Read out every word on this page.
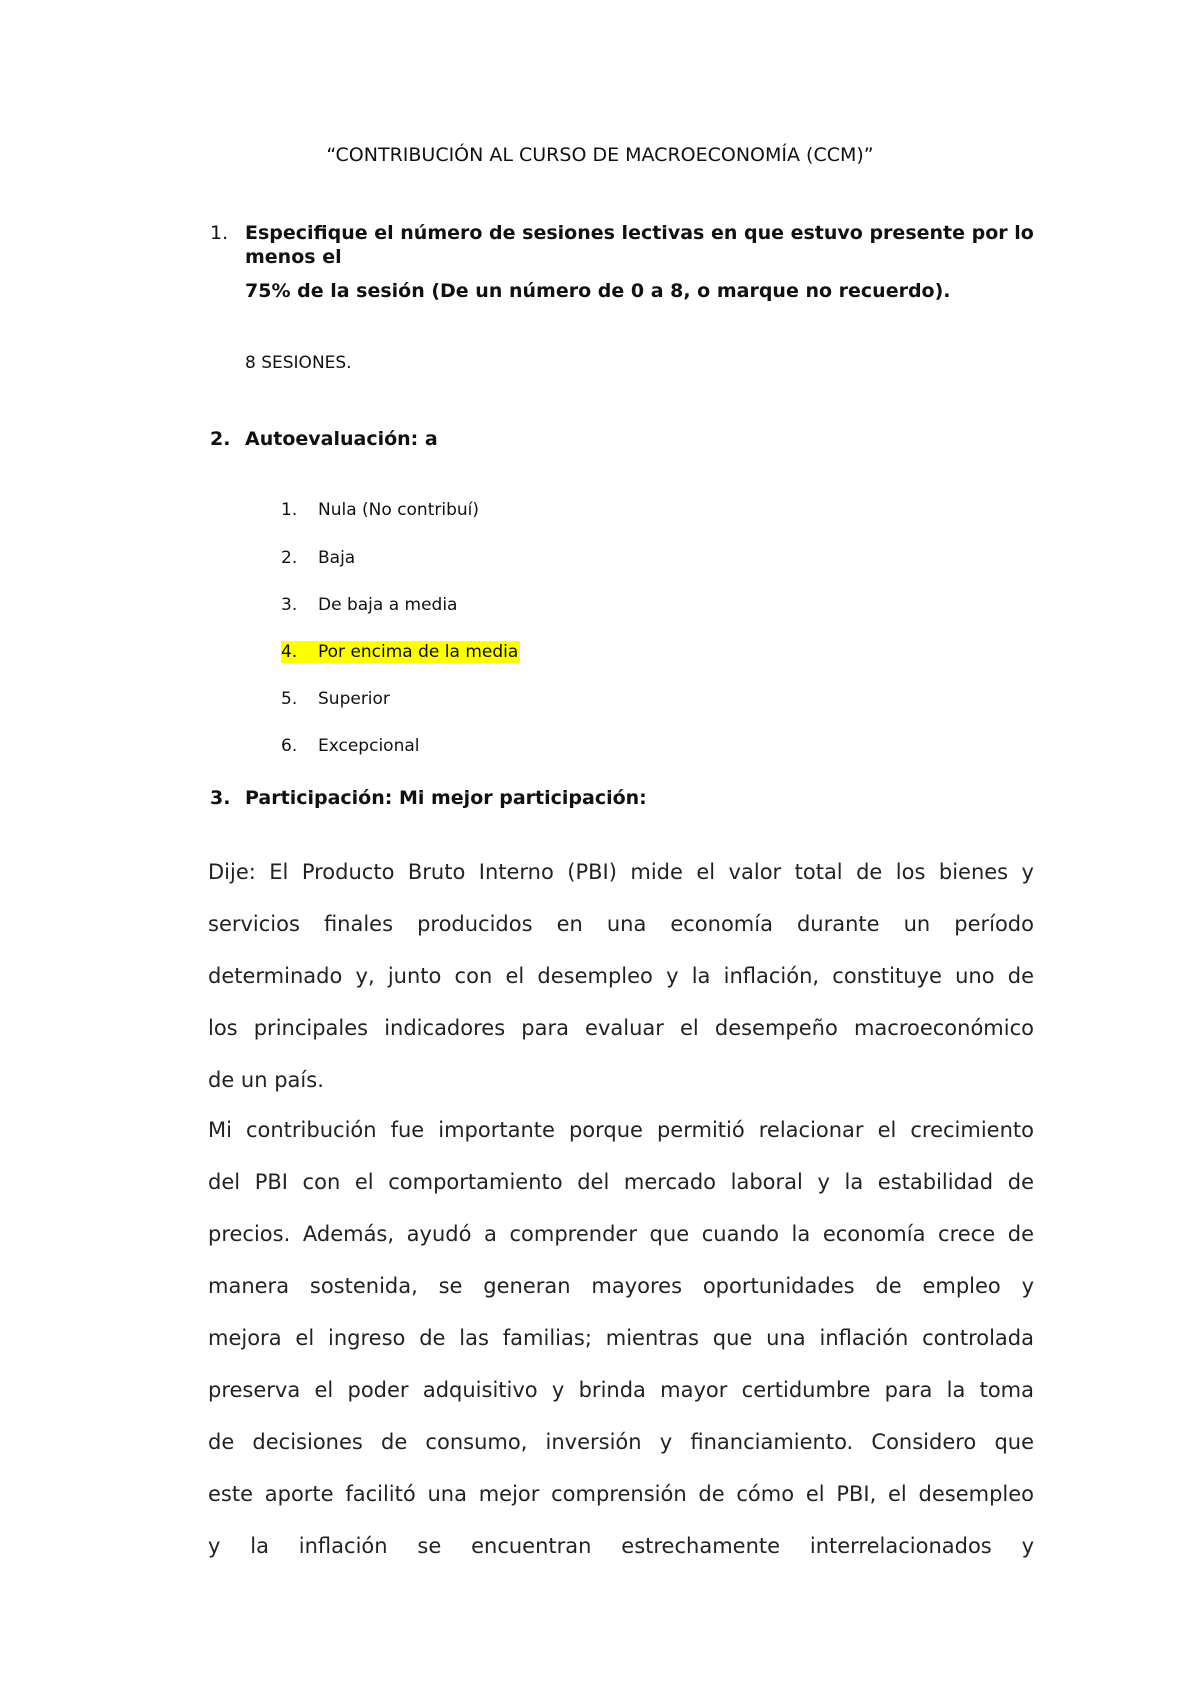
“CONTRIBUCIÓN AL CURSO DE MACROECONOMÍA (CCM)”
1. Especifique el número de sesiones lectivas en que estuvo presente por lo menos el
75% de la sesión (De un número de 0 a 8, o marque no recuerdo).
8 SESIONES.
2. Autoevaluación: a
1. Nula (No contribuí)
2. Baja
3. De baja a media
4. Por encima de la media
5. Superior
6. Excepcional
3. Participación: Mi mejor participación:
Dije: El Producto Bruto Interno (PBI) mide el valor total de los bienes y
servicios finales producidos en una economía durante un período
determinado y, junto con el desempleo y la inflación, constituye uno de
los principales indicadores para evaluar el desempeño macroeconómico
de un país.
Mi contribución fue importante porque permitió relacionar el crecimiento
del PBI con el comportamiento del mercado laboral y la estabilidad de
precios. Además, ayudó a comprender que cuando la economía crece de
manera sostenida, se generan mayores oportunidades de empleo y
mejora el ingreso de las familias; mientras que una inflación controlada
preserva el poder adquisitivo y brinda mayor certidumbre para la toma
de decisiones de consumo, inversión y financiamiento. Considero que
este aporte facilitó una mejor comprensión de cómo el PBI, el desempleo
y la inflación se encuentran estrechamente interrelacionados y
